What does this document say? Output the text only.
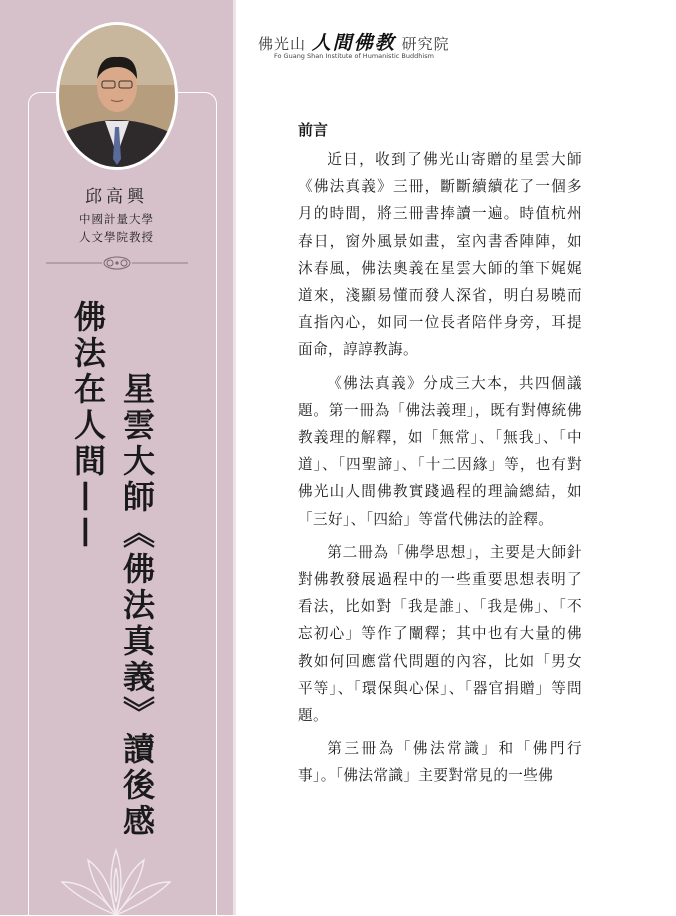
邱高興
中國計量大學
人文學院教授
佛法在人間—— 星雲大師《佛法真義》讀後感
佛光山 人間佛教 研究院
Fo Guang Shan Institute of Humanistic Buddhism
前言

近日，收到了佛光山寄贈的星雲大師《佛法真義》三冊，斷斷續續花了一個多月的時間，將三冊書捧讀一遍。時值杭州春日，窗外風景如畫，室內書香陣陣，如沐春風，佛法奧義在星雲大師的筆下娓娓道來，淺顯易懂而發人深省，明白易曉而直指內心，如同一位長者陪伴身旁，耳提面命，諄諄教誨。

《佛法真義》分成三大本，共四個議題。第一冊為「佛法義理」，既有對傳統佛教義理的解釋，如「無常」、「無我」、「中道」、「四聖諦」、「十二因緣」等，也有對佛光山人間佛教實踐過程的理論總結，如「三好」、「四給」等當代佛法的詮釋。

第二冊為「佛學思想」，主要是大師針對佛教發展過程中的一些重要思想表明了看法，比如對「我是誰」、「我是佛」、「不忘初心」等作了闡釋；其中也有大量的佛教如何回應當代問題的內容，比如「男女平等」、「環保與心保」、「器官捐贈」等問題。

第三冊為「佛法常識」和「佛門行事」。「佛法常識」主要對常見的一些佛
